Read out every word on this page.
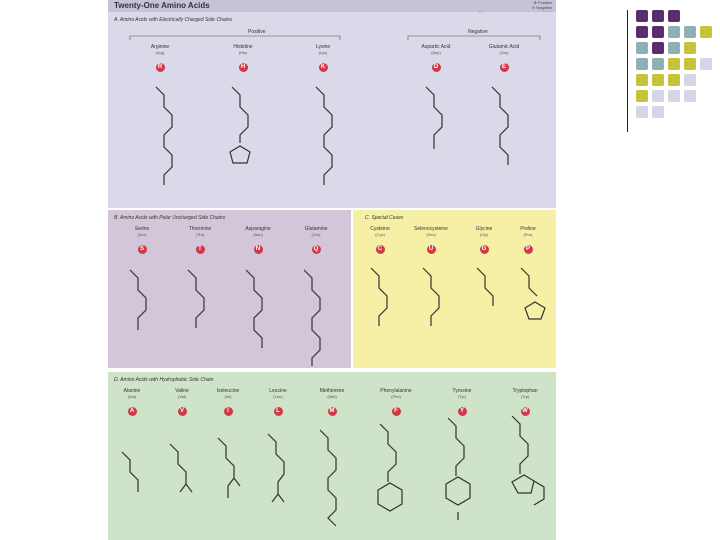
Twenty-One Amino Acids	⊕ Positive
⊖ Negative
A. Amino Acids with Electrically Charged Side Chains
Positive	Negative
Arginine
(Arg)
R
Histidine
(His)
H
Lysine
(Lys)
K
Aspartic Acid
(Asp)
D
Glutamic Acid
(Glu)
E
B. Amino Acids with Polar Uncharged Side Chains
Serine
(Ser)
S
Threonine
(Thr)
T
Asparagine
(Asn)
N
Glutamine
(Gln)
Q
C. Special Cases
Cysteine
(Cys)
C
Selenocysteine
(Sec)
U
Glycine
(Gly)
G
Proline
(Pro)
P
D. Amino Acids with Hydrophobic Side Chain
Alanine
(Ala)
A
Valine
(Val)
V
Isoleucine
(Ile)
I
Leucine
(Leu)
L
Methionine
(Met)
M
Phenylalanine
(Phe)
F
Tyrosine
(Tyr)
Y
Tryptophan
(Trp)
W
